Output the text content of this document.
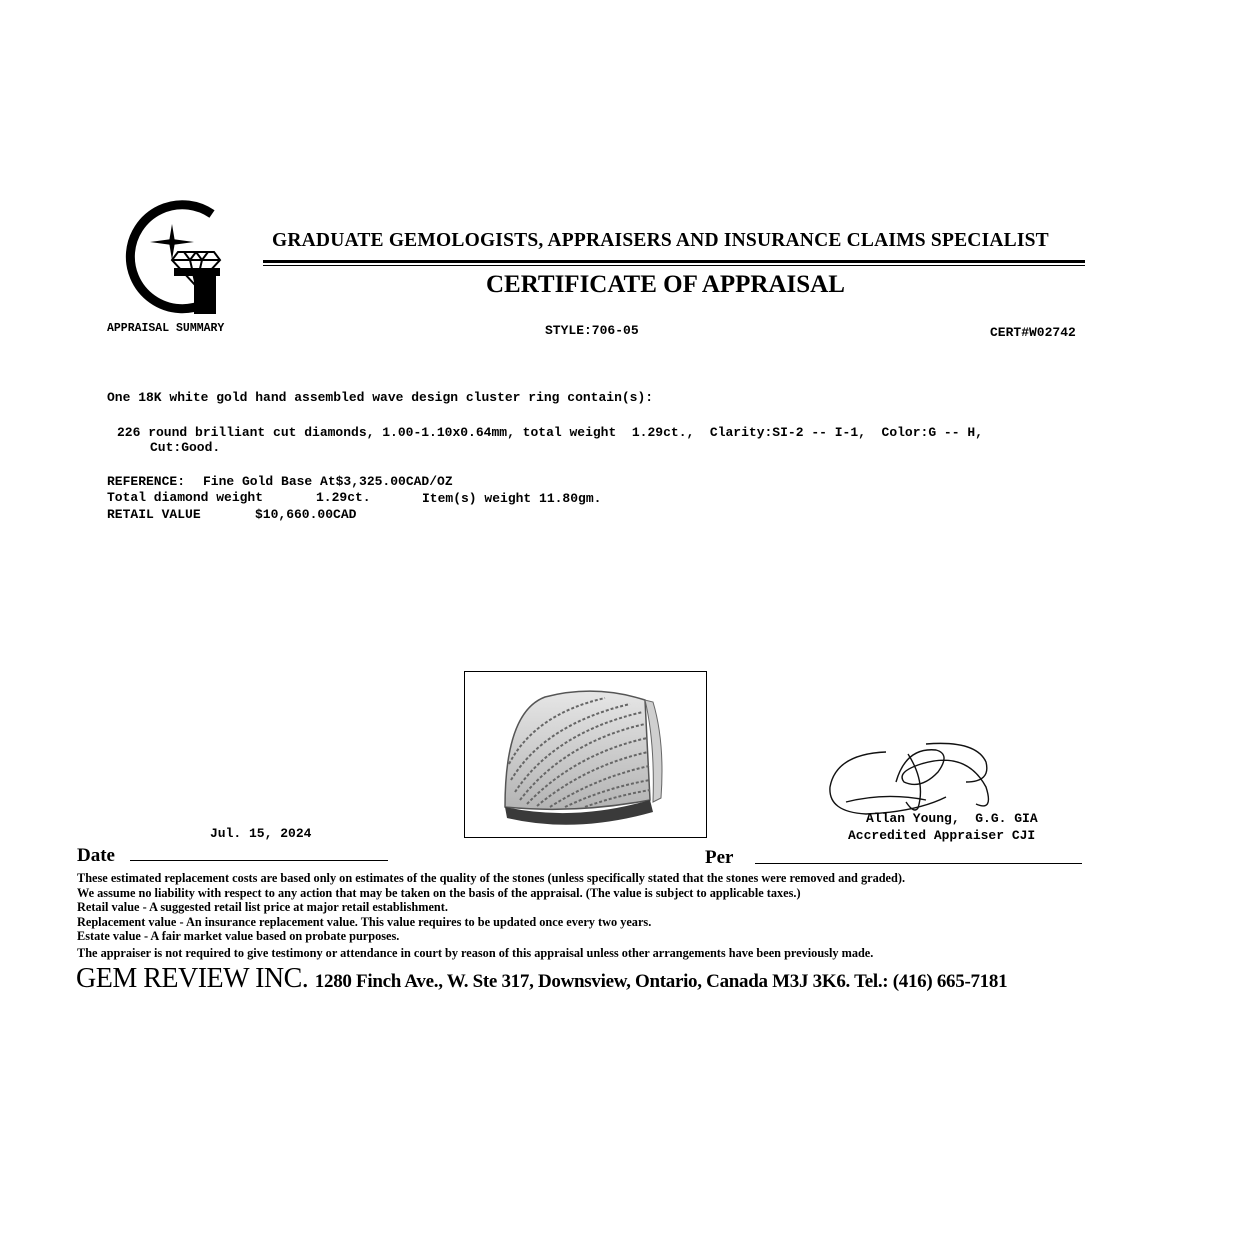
GRADUATE GEMOLOGISTS, APPRAISERS AND INSURANCE CLAIMS SPECIALIST
CERTIFICATE OF APPRAISAL
APPRAISAL SUMMARY	STYLE:706-05	CERT#W02742
One 18K white gold hand assembled wave design cluster ring contain(s):
226 round brilliant cut diamonds, 1.00-1.10x0.64mm, total weight  1.29ct.,  Clarity:SI-2 -- I-1,  Color:G -- H,
Cut:Good.
REFERENCE: Fine Gold Base At$3,325.00CAD/OZ
Total diamond weight	1.29ct.	Item(s) weight 11.80gm.
RETAIL VALUE	$10,660.00CAD
Jul. 15, 2024
Date
Allan Young,  G.G. GIA
Accredited Appraiser CJI
Per
These estimated replacement costs are based only on estimates of the quality of the stones (unless specifically stated that the stones were removed and graded).
We assume no liability with respect to any action that may be taken on the basis of the appraisal. (The value is subject to applicable taxes.)
Retail value - A suggested retail list price at major retail establishment.
Replacement value - An insurance replacement value. This value requires to be updated once every two years.
Estate value - A fair market value based on probate purposes.
The appraiser is not required to give testimony or attendance in court by reason of this appraisal unless other arrangements have been previously made.
GEM REVIEW INC. 1280 Finch Ave., W. Ste 317, Downsview, Ontario, Canada M3J 3K6. Tel.: (416) 665-7181
